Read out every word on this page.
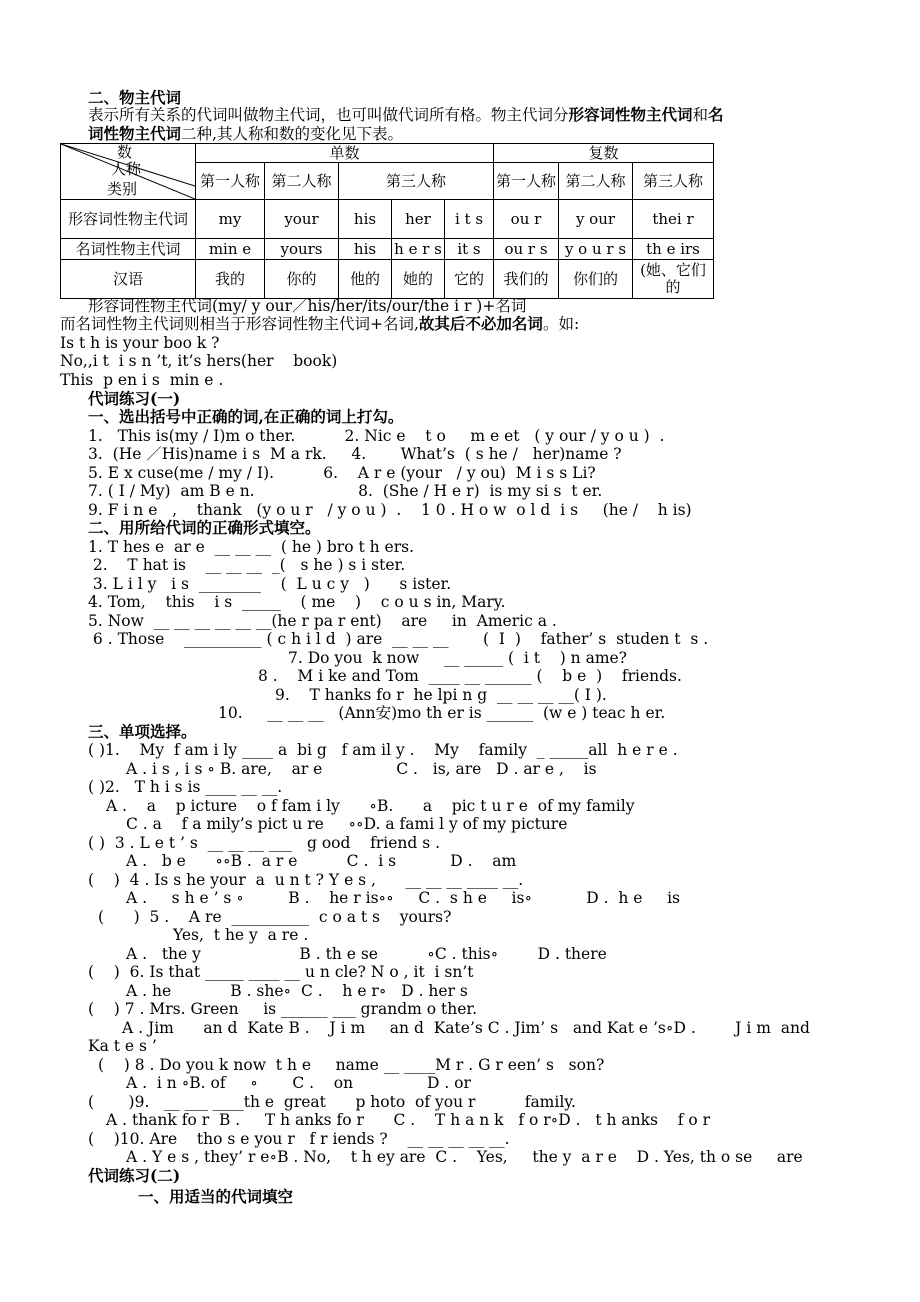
二、物主代词
表示所有关系的代词叫做物主代词，也可叫做代词所有格。物主代词分形容词性物主代词和名
词性物主代词二种,其人称和数的变化见下表。
数
人称
类别	单数					复数		
	第一人称	第二人称	第三人称			第一人称	第二人称	第三人称
形容词性物主代词	my	your	his	her	i t s	ou r	y our	thei r
名词性物主代词	min e	yours	his	h e r s	it s	ou r s	y o u r s	th e irs
汉语	我的	你的	他的	她的	它的	我们的	你们的	(她、它们的
形容词性物主代词(my/ y our／his/her/its/our/the i r )+名词
而名词性物主代词则相当于形容词性物主代词+名词,故其后不必加名词。如:
Is t h is your boo k ?
No,,i t  i s n ’t, it’s hers(her    book)
This  p en i s  min e .
代词练习(一)
一、选出括号中正确的词,在正确的词上打勾。
1.   This is(my / I)m o ther.          2. Nic e    t o     m e et   ( y our / y o u )  .
3.  (He ／His)name i s  M a rk.     4.       What’s  ( s he /   her)name ?
5. E x cuse(me / my / I).          6.    A r e (your   / y ou)  M i s s Li?
7. ( I / My)  am B e n.                     8.  (She / H e r)  is my si s  t er.
9. F i n e   ,    thank   (y o u r   / y o u )  .    1 0 . H o w  o l d  i s     (he /    h is)
二、用所给代词的正确形式填空。
1. T hes e  ar e  __ __ __  ( he ) bro t h ers.
2.    T hat is    __ __ __  _(   s he ) s i ster.
3. L i l y   i s  ________    (  L u c y   )      s ister.
4. Tom,    this    i s  _____    ( me    )    c o u s in, Mary.
5. Now  __ __ __ __ __ __(he r pa r ent)    are     in  Americ a .
6 . Those    __________ ( c h i l d  ) are  __ __ __       (  I  )    father’ s  studen t  s .
7. Do you  k now     __ _____ (  i t    ) n ame?
8 .    M i ke and Tom  ____ __ ______ (    b e  )    friends.
9.    T hanks fo r  he lpi n g  __ __ __ __( I ).
10.     __ __ __   (Ann安)mo th er is ______  (w e ) teac h er.
三、单项选择。
( )1.    My  f am i ly ____ a  bi g   f am il y .    My    family  _ _____all  h e r e .
A . i s , i s ∘ B. are,    ar e               C .   is, are   D . ar e ,    is
( )2.   T h i s is ____ __ __.
A .    a    p icture    o f fam i ly      ∘B.      a    pic t u r e  of my family
C . a    f a mily’s pict u re     ∘∘D. a fami l y of my picture
( )  3 . L e t ’ s  __ __ __ ___   g ood    friend s .
A .   b e      ∘∘B .  a r e          C .  i s           D .    am
(    )  4 . Is s he your  a  u n t ? Y e s ,      __ __ __ ____ __.
A .     s h e ’ s ∘         B .    he r is∘∘     C .  s h e     is∘           D .  h e     is
(      )  5 .    A re  __________  c o a t s    yours?
Yes,  t he y  a re .
A .   the y                    B . th e se          ∘C . this∘        D . there
(    )  6. Is that _____ ____ __ u n cle? N o , it  i sn’t
A . he            B . she∘  C .    h e r∘   D . her s
(    ) 7 . Mrs. Green     is ______ ___ grandm o ther.
A . Jim      an d  Kate B .    J i m     an d  Kate’s C . Jim’ s   and Kat e ’s∘D .        J i m  and
Ka t e s ’
(    ) 8 . Do you k now  t h e     name __ ____M r . G r een’ s   son?
A .  i n ∘B. of     ∘       C .    on               D . or
(       )9.   __ ___ ____th e  great      p hoto  of you r          family.
A . thank fo r  B .     T h anks fo r      C .    T h a n k   f o r∘D .   t h anks    f o r
(    )10. Are    tho s e you r   f r iends ?    __ __ __ __ __.
A . Y e s , they’ r e∘B . No,    t h ey are  C .    Yes,     the y  a r e    D . Yes, th o se     are
代词练习(二)
一、用适当的代词填空
